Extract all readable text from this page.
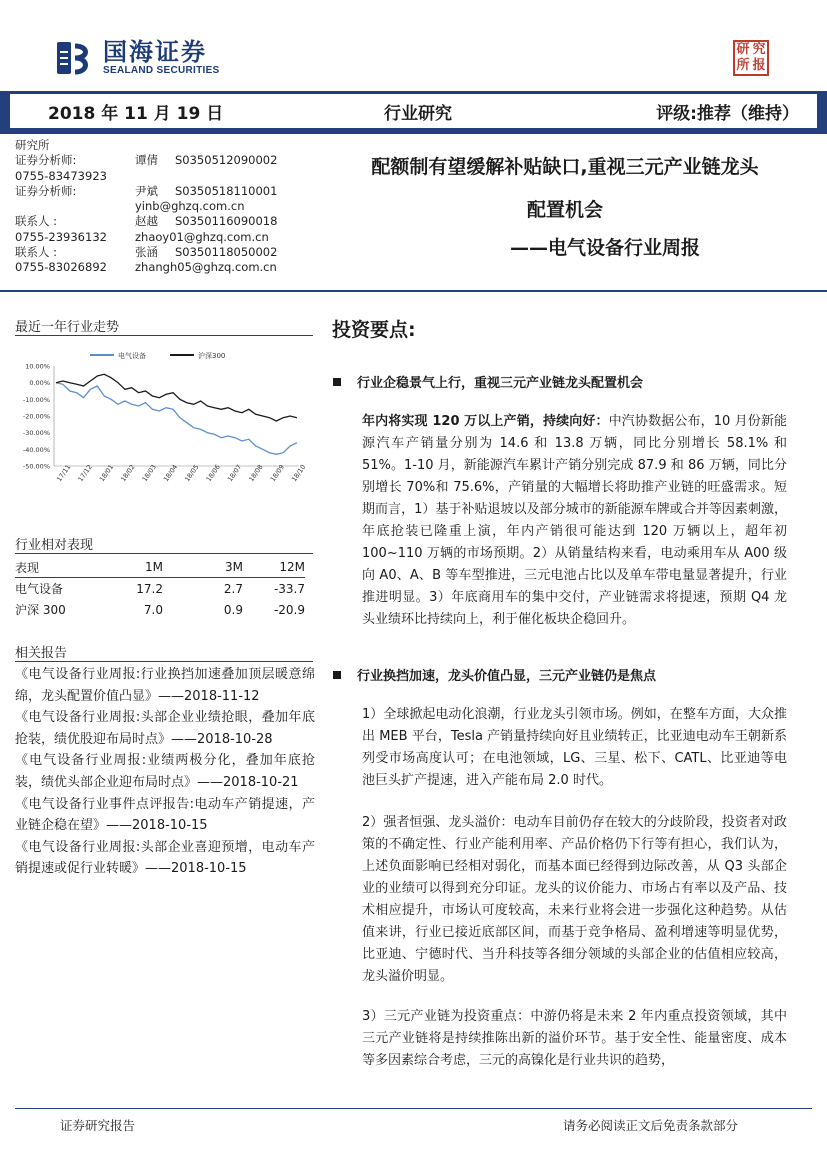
国海证券
SEALAND SECURITIES
研 究
所 报
2018 年 11 月 19 日	行业研究	评级:推荐（维持）
研究所
证券分析师:	谭倩	S0350512090002
0755-83473923
证券分析师:	尹斌	S0350518110001
yinb@ghzq.com.cn
联系人 :	赵越	S0350116090018
0755-23936132	zhaoy01@ghzq.com.cn
联系人 :	张涵	S0350118050002
0755-83026892	zhangh05@ghzq.com.cn
配额制有望缓解补贴缺口,重视三元产业链龙头
配置机会
——电气设备行业周报
最近一年行业走势
电气设备	沪深300
10.00%
0.00%
-10.00%
-20.00%
-30.00%
-40.00%
-50.00% 17/11 17/12 18/01 18/02 18/03 18/04 18/05 18/06 18/07 18/08 18/09 18/10
行业相对表现
表现	1M	3M	12M
电气设备	17.2	2.7	-33.7
沪深 300	7.0	0.9	-20.9
相关报告
《电气设备行业周报:行业换挡加速叠加顶层暖意绵绵，龙头配置价值凸显》——2018-11-12
《电气设备行业周报:头部企业业绩抢眼，叠加年底抢装，绩优股迎布局时点》——2018-10-28
《电气设备行业周报:业绩两极分化，叠加年底抢装，绩优头部企业迎布局时点》——2018-10-21
《电气设备行业事件点评报告:电动车产销提速，产业链企稳在望》——2018-10-15
《电气设备行业周报:头部企业喜迎预增，电动车产销提速或促行业转暖》——2018-10-15
投资要点:
行业企稳景气上行，重视三元产业链龙头配置机会
年内将实现 120 万以上产销，持续向好：中汽协数据公布，10 月份新能源汽车产销量分别为 14.6 和 13.8 万辆，同比分别增长 58.1% 和 51%。1-10 月，新能源汽车累计产销分别完成 87.9 和 86 万辆，同比分别增长 70%和 75.6%，产销量的大幅增长将助推产业链的旺盛需求。短期而言，1）基于补贴退坡以及部分城市的新能源车牌或合并等因素刺激，年底抢装已隆重上演，年内产销很可能达到 120 万辆以上，超年初 100~110 万辆的市场预期。2）从销量结构来看，电动乘用车从 A00 级向 A0、A、B 等车型推进，三元电池占比以及单车带电量显著提升，行业推进明显。3）年底商用车的集中交付，产业链需求将提速，预期 Q4 龙头业绩环比持续向上，利于催化板块企稳回升。
行业换挡加速，龙头价值凸显，三元产业链仍是焦点
1）全球掀起电动化浪潮，行业龙头引领市场。例如，在整车方面，大众推出 MEB 平台，Tesla 产销量持续向好且业绩转正，比亚迪电动车王朝新系列受市场高度认可；在电池领域，LG、三星、松下、CATL、比亚迪等电池巨头扩产提速，进入产能布局 2.0 时代。
2）强者恒强、龙头溢价：电动车目前仍存在较大的分歧阶段，投资者对政策的不确定性、行业产能利用率、产品价格仍下行等有担心，我们认为，上述负面影响已经相对弱化，而基本面已经得到边际改善，从 Q3 头部企业的业绩可以得到充分印证。龙头的议价能力、市场占有率以及产品、技术相应提升，市场认可度较高，未来行业将会进一步强化这种趋势。从估值来讲，行业已接近底部区间，而基于竞争格局、盈利增速等明显优势，比亚迪、宁德时代、当升科技等各细分领域的头部企业的估值相应较高，龙头溢价明显。
3）三元产业链为投资重点：中游仍将是未来 2 年内重点投资领域，其中三元产业链将是持续推陈出新的溢价环节。基于安全性、能量密度、成本等多因素综合考虑，三元的高镍化是行业共识的趋势，
证券研究报告	请务必阅读正文后免责条款部分
